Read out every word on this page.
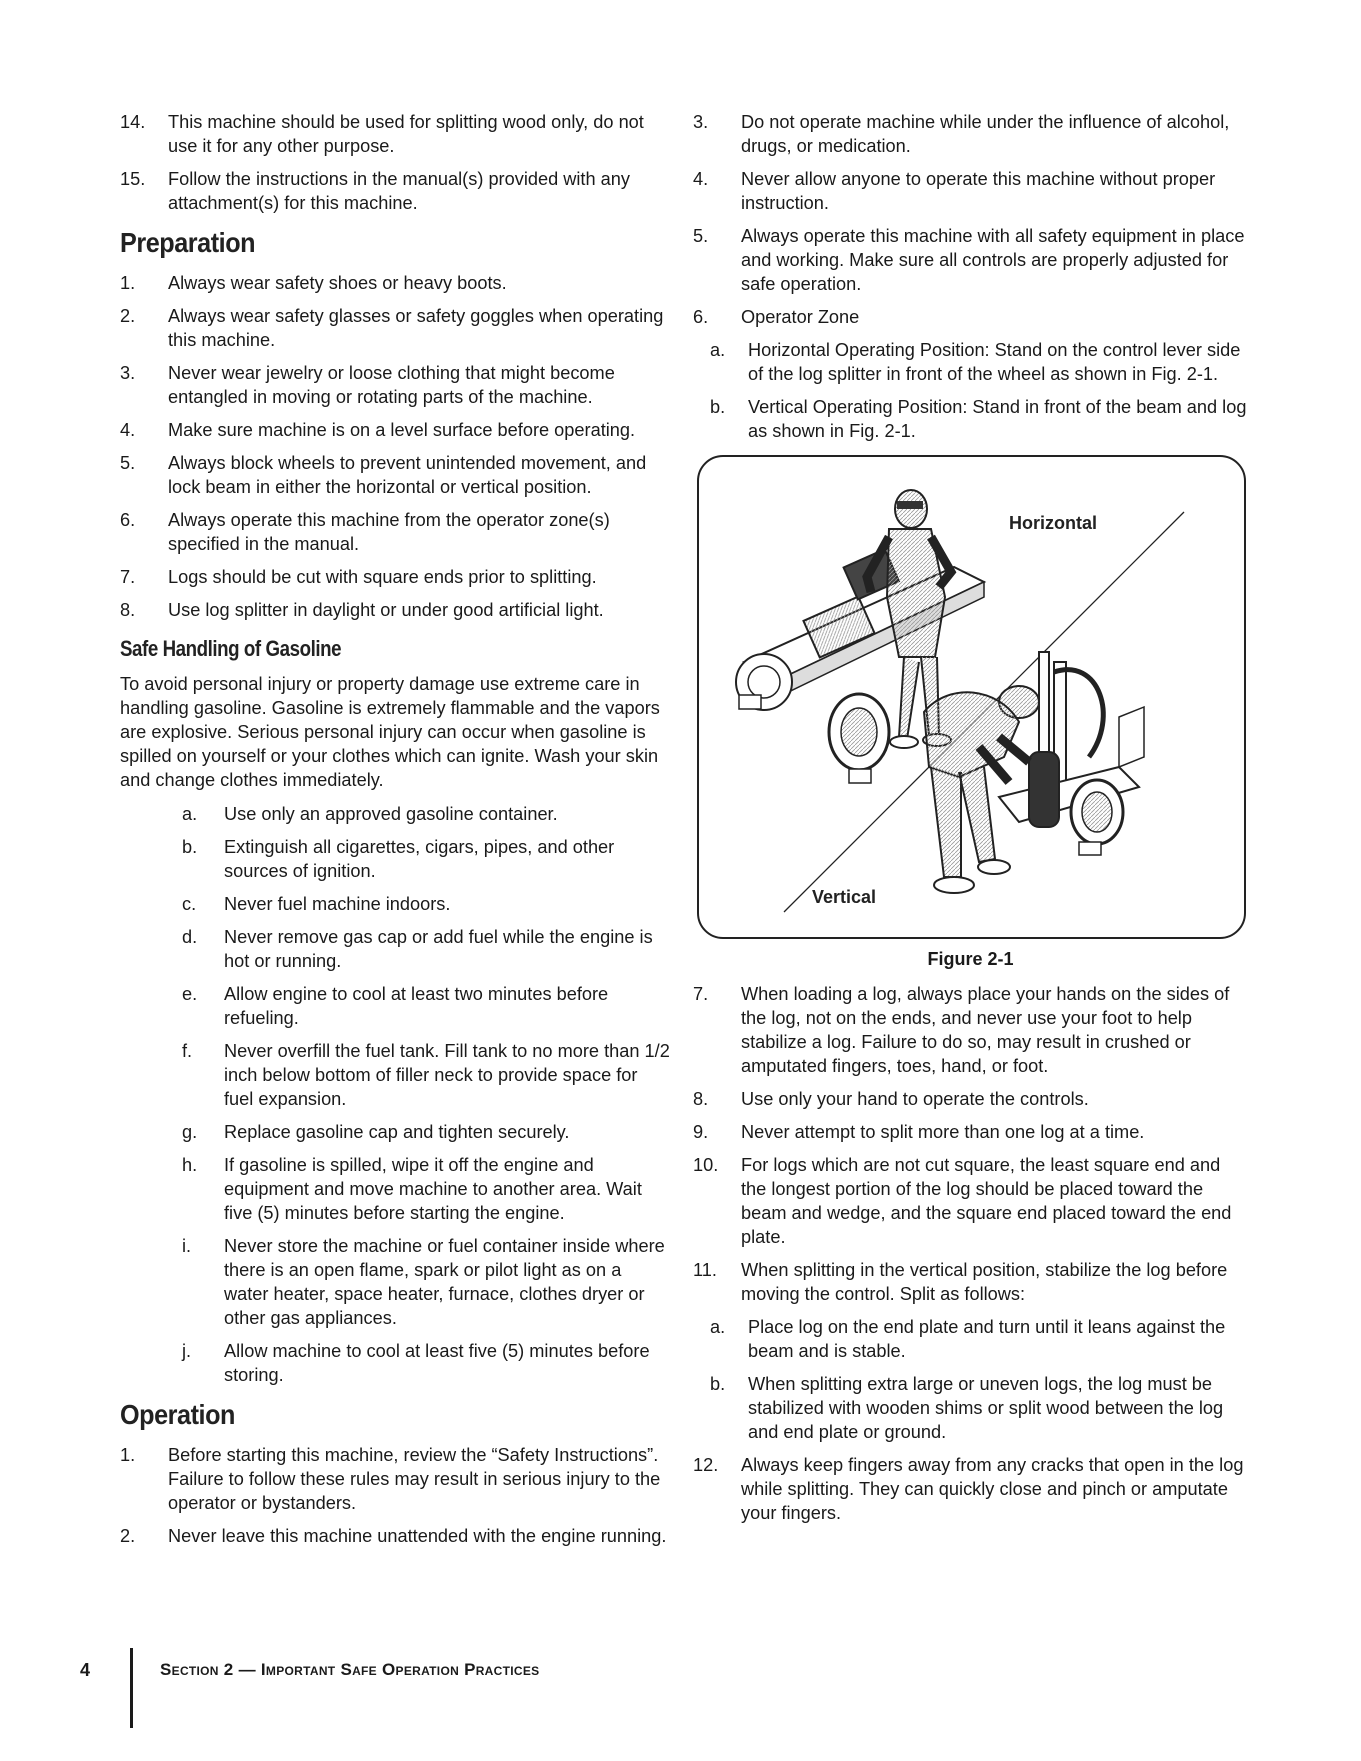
14. This machine should be used for splitting wood only, do not use it for any other purpose.
15. Follow the instructions in the manual(s) provided with any attachment(s) for this machine.
Preparation
1. Always wear safety shoes or heavy boots.
2. Always wear safety glasses or safety goggles when operating this machine.
3. Never wear jewelry or loose clothing that might become entangled in moving or rotating parts of the machine.
4. Make sure machine is on a level surface before operating.
5. Always block wheels to prevent unintended movement, and lock beam in either the horizontal or vertical position.
6. Always operate this machine from the operator zone(s) specified in the manual.
7. Logs should be cut with square ends prior to splitting.
8. Use log splitter in daylight or under good artificial light.
Safe Handling of Gasoline
To avoid personal injury or property damage use extreme care in handling gasoline. Gasoline is extremely flammable and the vapors are explosive. Serious personal injury can occur when gasoline is spilled on yourself or your clothes which can ignite. Wash your skin and change clothes immediately.
a. Use only an approved gasoline container.
b. Extinguish all cigarettes, cigars, pipes, and other sources of ignition.
c. Never fuel machine indoors.
d. Never remove gas cap or add fuel while the engine is hot or running.
e. Allow engine to cool at least two minutes before refueling.
f. Never overfill the fuel tank. Fill tank to no more than 1/2 inch below bottom of filler neck to provide space for fuel expansion.
g. Replace gasoline cap and tighten securely.
h. If gasoline is spilled, wipe it off the engine and equipment and move machine to another area. Wait five (5) minutes before starting the engine.
i. Never store the machine or fuel container inside where there is an open flame, spark or pilot light as on a water heater, space heater, furnace, clothes dryer or other gas appliances.
j. Allow machine to cool at least five (5) minutes before storing.
Operation
1. Before starting this machine, review the “Safety Instructions”. Failure to follow these rules may result in serious injury to the operator or bystanders.
2. Never leave this machine unattended with the engine running.
3. Do not operate machine while under the influence of alcohol, drugs, or medication.
4. Never allow anyone to operate this machine without proper instruction.
5. Always operate this machine with all safety equipment in place and working. Make sure all controls are properly adjusted for safe operation.
6. Operator Zone
a. Horizontal Operating Position: Stand on the control lever side of the log splitter in front of the wheel as shown in Fig. 2-1.
b. Vertical Operating Position: Stand in front of the beam and log as shown in Fig. 2-1.
Horizontal
Vertical
Figure 2-1
7. When loading a log, always place your hands on the sides of the log, not on the ends, and never use your foot to help stabilize a log. Failure to do so, may result in crushed or amputated fingers, toes, hand, or foot.
8. Use only your hand to operate the controls.
9. Never attempt to split more than one log at a time.
10. For logs which are not cut square, the least square end and the longest portion of the log should be placed toward the beam and wedge, and the square end placed toward the end plate.
11. When splitting in the vertical position, stabilize the log before moving the control. Split as follows:
a. Place log on the end plate and turn until it leans against the beam and is stable.
b. When splitting extra large or uneven logs, the log must be stabilized with wooden shims or split wood between the log and end plate or ground.
12. Always keep fingers away from any cracks that open in the log while splitting. They can quickly close and pinch or amputate your fingers.
4	Section 2 — Important Safe Operation Practices
